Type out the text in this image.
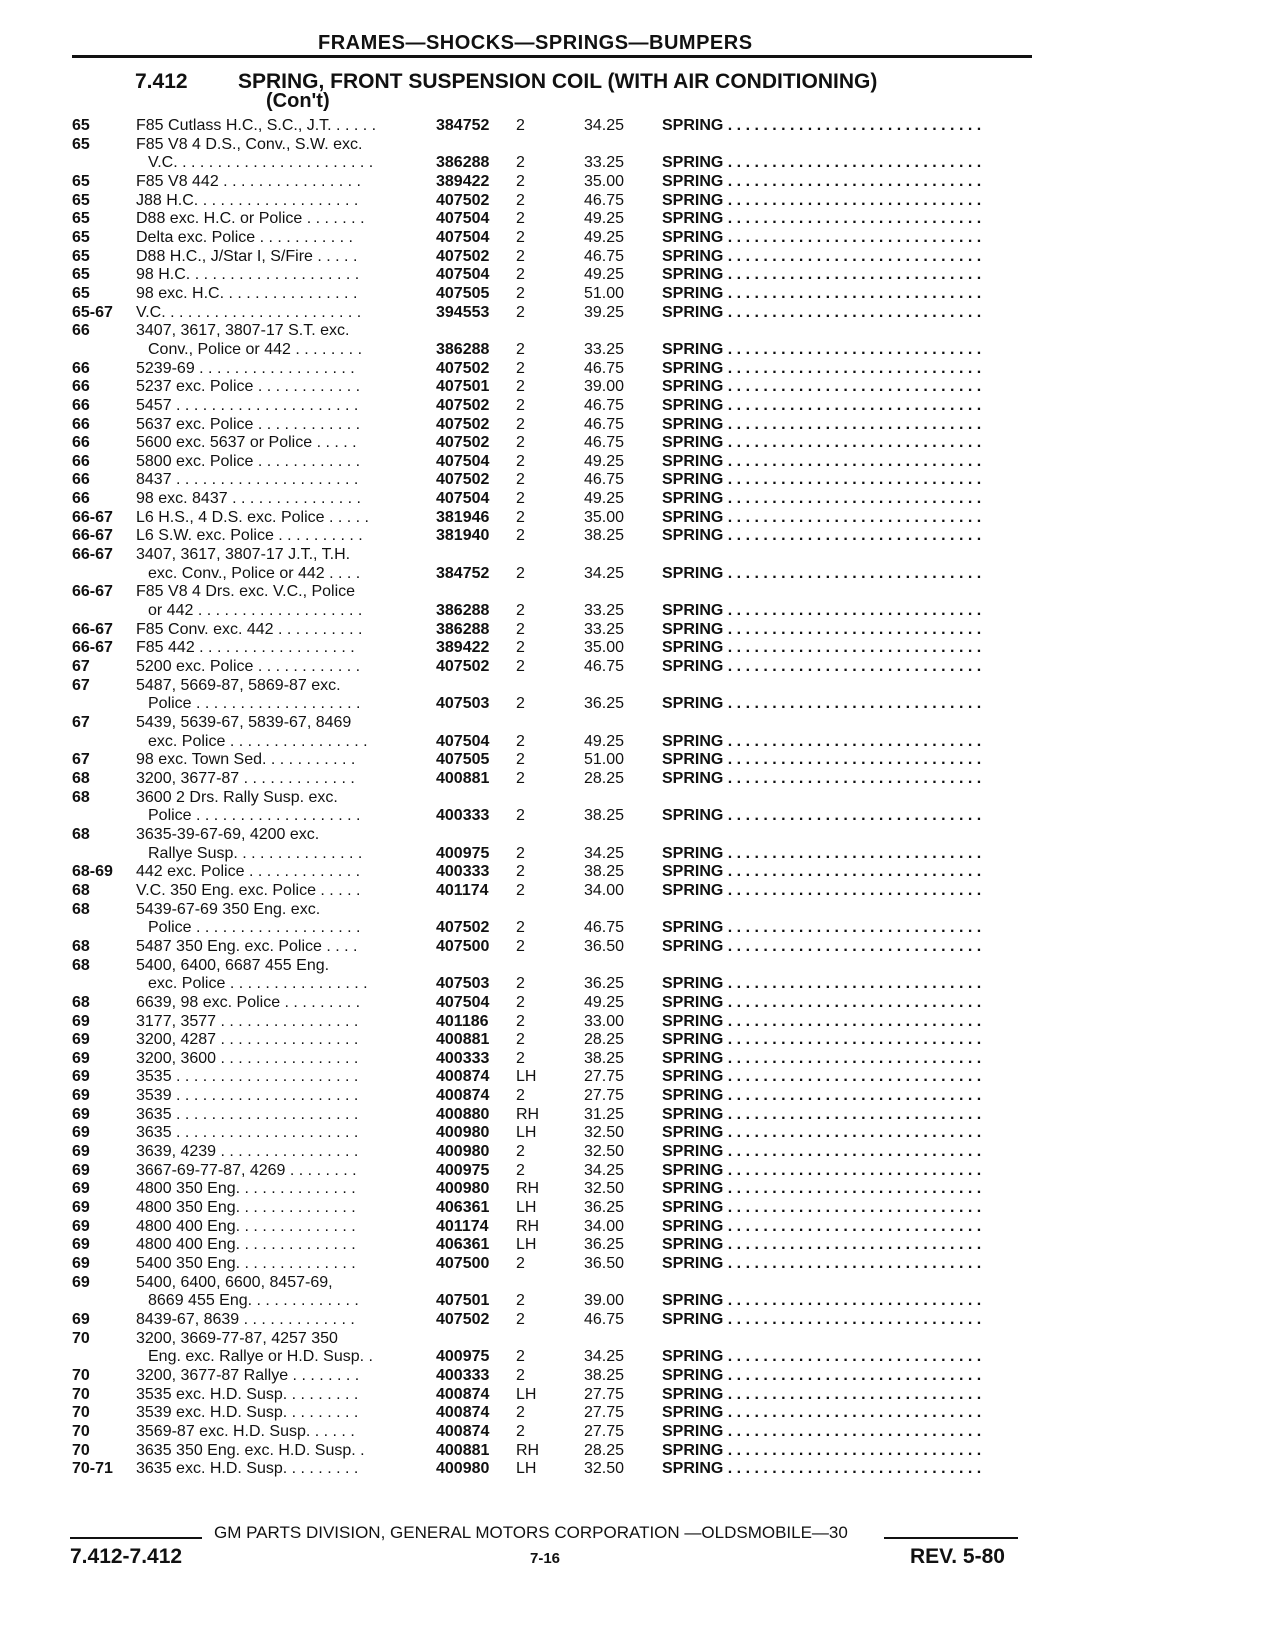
FRAMES—SHOCKS—SPRINGS—BUMPERS
7.412 SPRING, FRONT SUSPENSION COIL (WITH AIR CONDITIONING)
(Con't)
65	F85 Cutlass H.C., S.C., J.T. . . . . .	384752 2	34.25 SPRING . . . . . . . . . . . . . . . . . . . . . . . . . . . . .
65	F85 V8 4 D.S., Conv., S.W. exc.
V.C. . . . . . . . . . . . . . . . . . . . . . .	386288 2	33.25 SPRING . . . . . . . . . . . . . . . . . . . . . . . . . . . . .
65	F85 V8 442 . . . . . . . . . . . . . . . .	389422 2	35.00 SPRING . . . . . . . . . . . . . . . . . . . . . . . . . . . . .
65	J88 H.C. . . . . . . . . . . . . . . . . . .	407502 2	46.75 SPRING . . . . . . . . . . . . . . . . . . . . . . . . . . . . .
65	D88 exc. H.C. or Police . . . . . . .	407504 2	49.25 SPRING . . . . . . . . . . . . . . . . . . . . . . . . . . . . .
65	Delta exc. Police . . . . . . . . . . .	407504 2	49.25 SPRING . . . . . . . . . . . . . . . . . . . . . . . . . . . . .
65	D88 H.C., J/Star I, S/Fire . . . . .	407502 2	46.75 SPRING . . . . . . . . . . . . . . . . . . . . . . . . . . . . .
65	98 H.C. . . . . . . . . . . . . . . . . . . .	407504 2	49.25 SPRING . . . . . . . . . . . . . . . . . . . . . . . . . . . . .
65	98 exc. H.C. . . . . . . . . . . . . . . .	407505 2	51.00 SPRING . . . . . . . . . . . . . . . . . . . . . . . . . . . . .
65-67 V.C. . . . . . . . . . . . . . . . . . . . . . .	394553 2	39.25 SPRING . . . . . . . . . . . . . . . . . . . . . . . . . . . . .
66	3407, 3617, 3807-17 S.T. exc.
Conv., Police or 442 . . . . . . . .	386288 2	33.25 SPRING . . . . . . . . . . . . . . . . . . . . . . . . . . . . .
66	5239-69 . . . . . . . . . . . . . . . . . .	407502 2	46.75 SPRING . . . . . . . . . . . . . . . . . . . . . . . . . . . . .
66	5237 exc. Police . . . . . . . . . . . .	407501 2	39.00 SPRING . . . . . . . . . . . . . . . . . . . . . . . . . . . . .
66	5457 . . . . . . . . . . . . . . . . . . . . .	407502 2	46.75 SPRING . . . . . . . . . . . . . . . . . . . . . . . . . . . . .
66	5637 exc. Police . . . . . . . . . . . .	407502 2	46.75 SPRING . . . . . . . . . . . . . . . . . . . . . . . . . . . . .
66	5600 exc. 5637 or Police . . . . .	407502 2	46.75 SPRING . . . . . . . . . . . . . . . . . . . . . . . . . . . . .
66	5800 exc. Police . . . . . . . . . . . .	407504 2	49.25 SPRING . . . . . . . . . . . . . . . . . . . . . . . . . . . . .
66	8437 . . . . . . . . . . . . . . . . . . . . .	407502 2	46.75 SPRING . . . . . . . . . . . . . . . . . . . . . . . . . . . . .
66	98 exc. 8437 . . . . . . . . . . . . . . .	407504 2	49.25 SPRING . . . . . . . . . . . . . . . . . . . . . . . . . . . . .
66-67 L6 H.S., 4 D.S. exc. Police . . . . .	381946 2	35.00 SPRING . . . . . . . . . . . . . . . . . . . . . . . . . . . . .
66-67 L6 S.W. exc. Police . . . . . . . . . .	381940 2	38.25 SPRING . . . . . . . . . . . . . . . . . . . . . . . . . . . . .
66-67 3407, 3617, 3807-17 J.T., T.H.
exc. Conv., Police or 442 . . . .	384752 2	34.25 SPRING . . . . . . . . . . . . . . . . . . . . . . . . . . . . .
66-67 F85 V8 4 Drs. exc. V.C., Police
or 442 . . . . . . . . . . . . . . . . . . .	386288 2	33.25 SPRING . . . . . . . . . . . . . . . . . . . . . . . . . . . . .
66-67 F85 Conv. exc. 442 . . . . . . . . . .	386288 2	33.25 SPRING . . . . . . . . . . . . . . . . . . . . . . . . . . . . .
66-67 F85 442 . . . . . . . . . . . . . . . . . .	389422 2	35.00 SPRING . . . . . . . . . . . . . . . . . . . . . . . . . . . . .
67	5200 exc. Police . . . . . . . . . . . .	407502 2	46.75 SPRING . . . . . . . . . . . . . . . . . . . . . . . . . . . . .
67	5487, 5669-87, 5869-87 exc.
Police . . . . . . . . . . . . . . . . . . .	407503 2	36.25 SPRING . . . . . . . . . . . . . . . . . . . . . . . . . . . . .
67	5439, 5639-67, 5839-67, 8469
exc. Police . . . . . . . . . . . . . . . .	407504 2	49.25 SPRING . . . . . . . . . . . . . . . . . . . . . . . . . . . . .
67	98 exc. Town Sed. . . . . . . . . . .	407505 2	51.00 SPRING . . . . . . . . . . . . . . . . . . . . . . . . . . . . .
68	3200, 3677-87 . . . . . . . . . . . . .	400881 2	28.25 SPRING . . . . . . . . . . . . . . . . . . . . . . . . . . . . .
68	3600 2 Drs. Rally Susp. exc.
Police . . . . . . . . . . . . . . . . . . .	400333 2	38.25 SPRING . . . . . . . . . . . . . . . . . . . . . . . . . . . . .
68	3635-39-67-69, 4200 exc.
Rallye Susp. . . . . . . . . . . . . . .	400975 2	34.25 SPRING . . . . . . . . . . . . . . . . . . . . . . . . . . . . .
68-69 442 exc. Police . . . . . . . . . . . . .	400333 2	38.25 SPRING . . . . . . . . . . . . . . . . . . . . . . . . . . . . .
68	V.C. 350 Eng. exc. Police . . . . .	401174 2	34.00 SPRING . . . . . . . . . . . . . . . . . . . . . . . . . . . . .
68	5439-67-69 350 Eng. exc.
Police . . . . . . . . . . . . . . . . . . .	407502 2	46.75 SPRING . . . . . . . . . . . . . . . . . . . . . . . . . . . . .
68	5487 350 Eng. exc. Police . . . .	407500 2	36.50 SPRING . . . . . . . . . . . . . . . . . . . . . . . . . . . . .
68	5400, 6400, 6687 455 Eng.
exc. Police . . . . . . . . . . . . . . . .	407503 2	36.25 SPRING . . . . . . . . . . . . . . . . . . . . . . . . . . . . .
68	6639, 98 exc. Police . . . . . . . . .	407504 2	49.25 SPRING . . . . . . . . . . . . . . . . . . . . . . . . . . . . .
69	3177, 3577 . . . . . . . . . . . . . . . .	401186 2	33.00 SPRING . . . . . . . . . . . . . . . . . . . . . . . . . . . . .
69	3200, 4287 . . . . . . . . . . . . . . . .	400881 2	28.25 SPRING . . . . . . . . . . . . . . . . . . . . . . . . . . . . .
69	3200, 3600 . . . . . . . . . . . . . . . .	400333 2	38.25 SPRING . . . . . . . . . . . . . . . . . . . . . . . . . . . . .
69	3535 . . . . . . . . . . . . . . . . . . . . .	400874 LH	27.75 SPRING . . . . . . . . . . . . . . . . . . . . . . . . . . . . .
69	3539 . . . . . . . . . . . . . . . . . . . . .	400874 2	27.75 SPRING . . . . . . . . . . . . . . . . . . . . . . . . . . . . .
69	3635 . . . . . . . . . . . . . . . . . . . . .	400880 RH	31.25 SPRING . . . . . . . . . . . . . . . . . . . . . . . . . . . . .
69	3635 . . . . . . . . . . . . . . . . . . . . .	400980 LH	32.50 SPRING . . . . . . . . . . . . . . . . . . . . . . . . . . . . .
69	3639, 4239 . . . . . . . . . . . . . . . .	400980 2	32.50 SPRING . . . . . . . . . . . . . . . . . . . . . . . . . . . . .
69	3667-69-77-87, 4269 . . . . . . . .	400975 2	34.25 SPRING . . . . . . . . . . . . . . . . . . . . . . . . . . . . .
69	4800 350 Eng. . . . . . . . . . . . . .	400980 RH	32.50 SPRING . . . . . . . . . . . . . . . . . . . . . . . . . . . . .
69	4800 350 Eng. . . . . . . . . . . . . .	406361 LH	36.25 SPRING . . . . . . . . . . . . . . . . . . . . . . . . . . . . .
69	4800 400 Eng. . . . . . . . . . . . . .	401174 RH	34.00 SPRING . . . . . . . . . . . . . . . . . . . . . . . . . . . . .
69	4800 400 Eng. . . . . . . . . . . . . .	406361 LH	36.25 SPRING . . . . . . . . . . . . . . . . . . . . . . . . . . . . .
69	5400 350 Eng. . . . . . . . . . . . . .	407500 2	36.50 SPRING . . . . . . . . . . . . . . . . . . . . . . . . . . . . .
69	5400, 6400, 6600, 8457-69,
8669 455 Eng. . . . . . . . . . . . .	407501 2	39.00 SPRING . . . . . . . . . . . . . . . . . . . . . . . . . . . . .
69	8439-67, 8639 . . . . . . . . . . . . .	407502 2	46.75 SPRING . . . . . . . . . . . . . . . . . . . . . . . . . . . . .
70	3200, 3669-77-87, 4257 350
Eng. exc. Rallye or H.D. Susp. .	400975 2	34.25 SPRING . . . . . . . . . . . . . . . . . . . . . . . . . . . . .
70	3200, 3677-87 Rallye . . . . . . . .	400333 2	38.25 SPRING . . . . . . . . . . . . . . . . . . . . . . . . . . . . .
70	3535 exc. H.D. Susp. . . . . . . . .	400874 LH	27.75 SPRING . . . . . . . . . . . . . . . . . . . . . . . . . . . . .
70	3539 exc. H.D. Susp. . . . . . . . .	400874 2	27.75 SPRING . . . . . . . . . . . . . . . . . . . . . . . . . . . . .
70	3569-87 exc. H.D. Susp. . . . . .	400874 2	27.75 SPRING . . . . . . . . . . . . . . . . . . . . . . . . . . . . .
70	3635 350 Eng. exc. H.D. Susp. .	400881 RH	28.25 SPRING . . . . . . . . . . . . . . . . . . . . . . . . . . . . .
70-71 3635 exc. H.D. Susp. . . . . . . . .	400980 LH	32.50 SPRING . . . . . . . . . . . . . . . . . . . . . . . . . . . . .
GM PARTS DIVISION, GENERAL MOTORS CORPORATION —OLDSMOBILE—30
7.412-7.412	7-16	REV. 5-80
